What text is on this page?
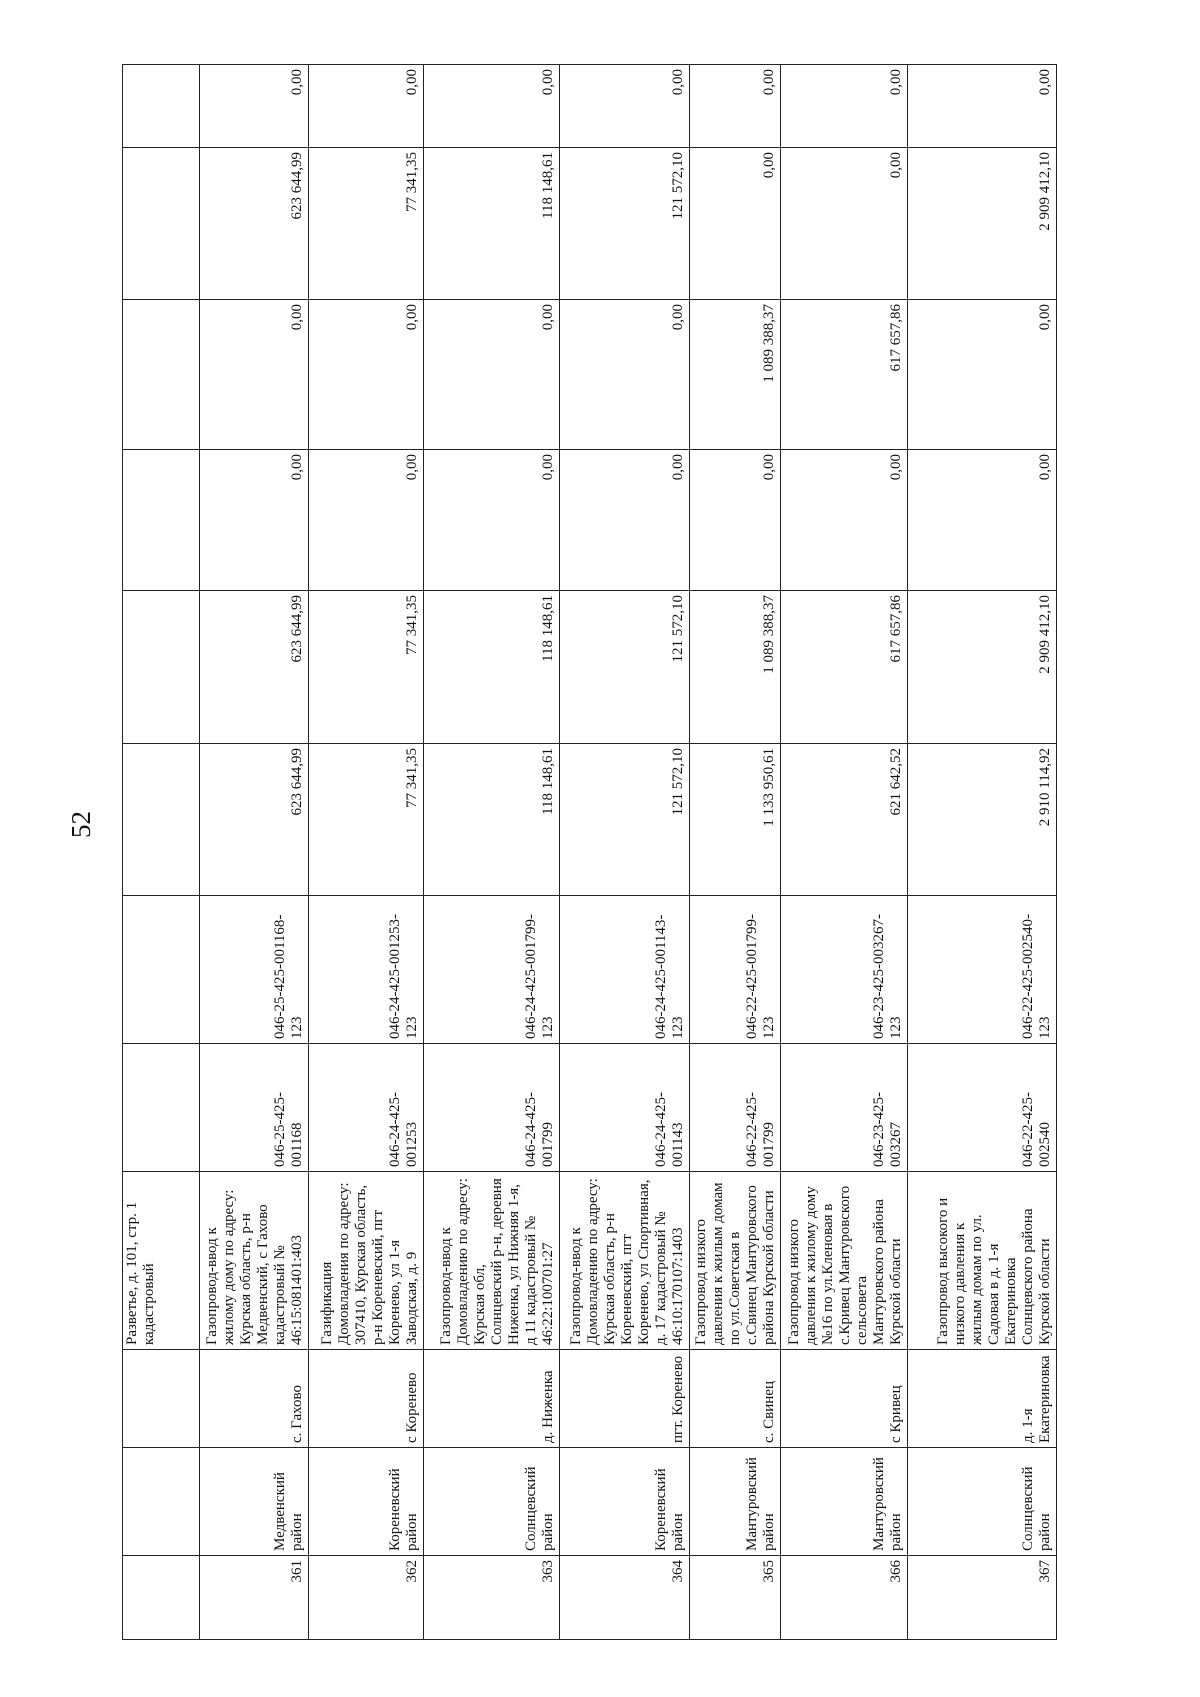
52
			Разветье, д. 101, стр. 1 кадастровый								
361	Медвенский район	с. Гахово	Газопровод-ввод к жилому дому по адресу: Курская область, р-н Медвенский, с Гахово кадастровый № 46:15:081401:403	046-25-425-001168	046-25-425-001168-123	623 644,99	623 644,99	0,00	0,00	623 644,99	0,00
362	Кореневский район	с Коренево	Газификация Домовладения по адресу: 307410, Курская область, р-н Кореневский, пгт Коренево, ул 1-я Заводская, д. 9	046-24-425-001253	046-24-425-001253-123	77 341,35	77 341,35	0,00	0,00	77 341,35	0,00
363	Солнцевский район	д. Ниженка	Газопровод-ввод к Домовладению по адресу: Курская обл, Солнцевский р-н, деревня Ниженка, ул Нижняя 1-я, д 11 кадастровый № 46:22:100701:27	046-24-425-001799	046-24-425-001799-123	118 148,61	118 148,61	0,00	0,00	118 148,61	0,00
364	Кореневский район	пгт. Коренево	Газопровод-ввод к Домовладению по адресу: Курская область, р-н Кореневский, пгт Коренево, ул Спортивная, д. 17 кадастровый № 46:10:170107:1403	046-24-425-001143	046-24-425-001143-123	121 572,10	121 572,10	0,00	0,00	121 572,10	0,00
365	Мантуровский район	с. Свинец	Газопровод низкого давления к жилым домам по ул.Советская в с.Свинец Мантуровского района Курской области	046-22-425-001799	046-22-425-001799-123	1 133 950,61	1 089 388,37	0,00	1 089 388,37	0,00	0,00
366	Мантуровский район	с Кривец	Газопровод низкого давления к жилому дому №16 по ул.Кленовая в с.Кривец Мантуровского сельсовета Мантуровского района Курской области	046-23-425-003267	046-23-425-003267-123	621 642,52	617 657,86	0,00	617 657,86	0,00	0,00
367	Солнцевский район	д. 1-я Екатериновка	Газопровод высокого и низкого давления к жилым домам по ул. Садовая в д. 1-я Екатериновка Солнцевского района Курской области	046-22-425-002540	046-22-425-002540-123	2 910 114,92	2 909 412,10	0,00	0,00	2 909 412,10	0,00
